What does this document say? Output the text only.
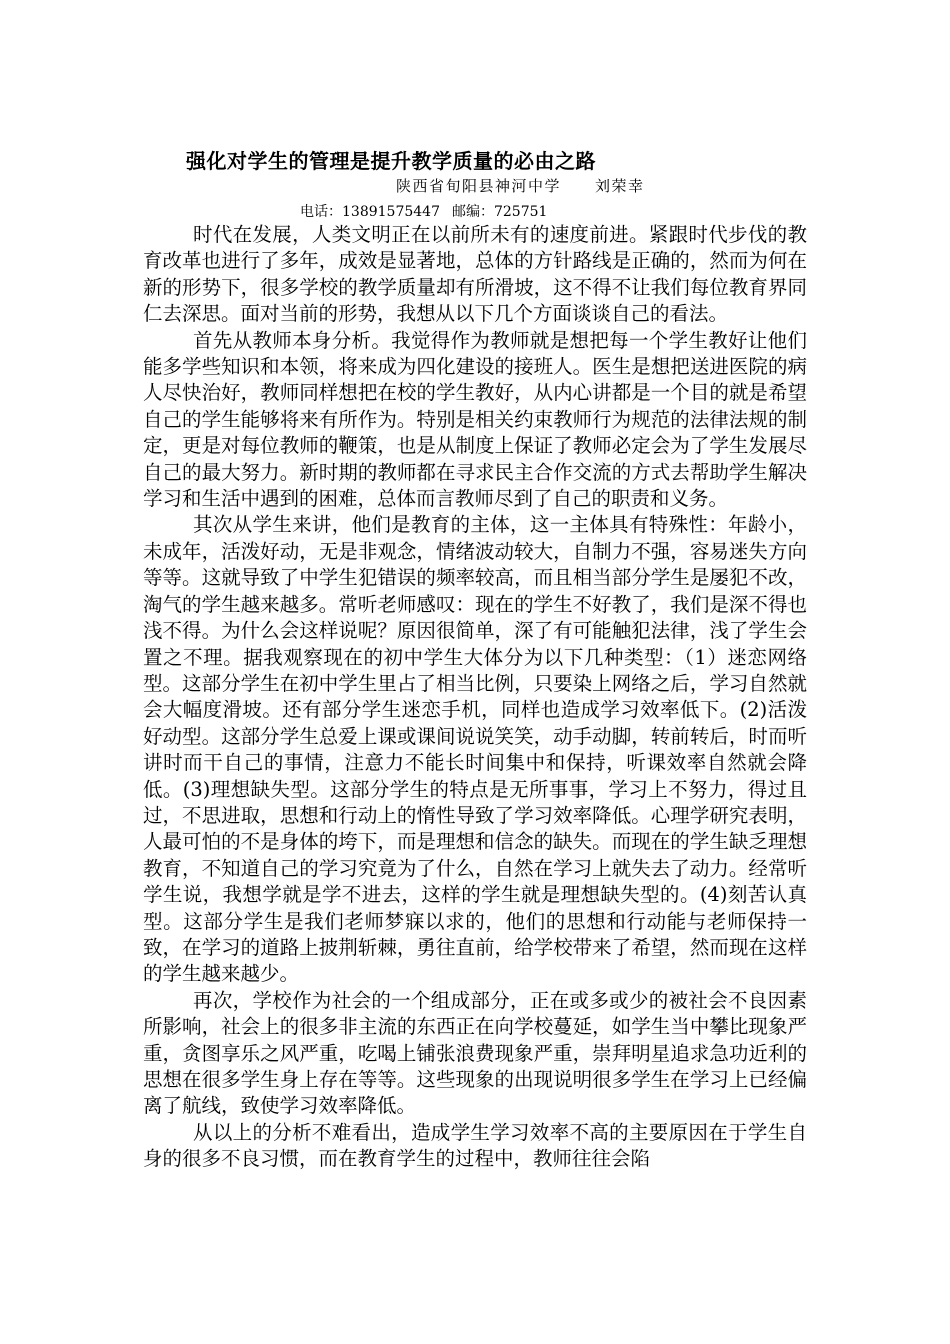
强化对学生的管理是提升教学质量的必由之路
陕西省旬阳县神河中学 刘荣幸
电话：13891575447 邮编：725751

时代在发展，人类文明正在以前所未有的速度前进。紧跟时代步伐的教育改革也进行了多年，成效是显著地，总体的方针路线是正确的，然而为何在新的形势下，很多学校的教学质量却有所滑坡，这不得不让我们每位教育界同仁去深思。面对当前的形势，我想从以下几个方面谈谈自己的看法。

首先从教师本身分析。我觉得作为教师就是想把每一个学生教好让他们能多学些知识和本领，将来成为四化建设的接班人。医生是想把送进医院的病人尽快治好，教师同样想把在校的学生教好，从内心讲都是一个目的就是希望自己的学生能够将来有所作为。特别是相关约束教师行为规范的法律法规的制定，更是对每位教师的鞭策，也是从制度上保证了教师必定会为了学生发展尽自己的最大努力。新时期的教师都在寻求民主合作交流的方式去帮助学生解决学习和生活中遇到的困难，总体而言教师尽到了自己的职责和义务。

其次从学生来讲，他们是教育的主体，这一主体具有特殊性：年龄小，未成年，活泼好动，无是非观念，情绪波动较大，自制力不强，容易迷失方向等等。这就导致了中学生犯错误的频率较高，而且相当部分学生是屡犯不改，淘气的学生越来越多。常听老师感叹：现在的学生不好教了，我们是深不得也浅不得。为什么会这样说呢？原因很简单，深了有可能触犯法律，浅了学生会置之不理。据我观察现在的初中学生大体分为以下几种类型：（1）迷恋网络型。这部分学生在初中学生里占了相当比例，只要染上网络之后，学习自然就会大幅度滑坡。还有部分学生迷恋手机，同样也造成学习效率低下。(2)活泼好动型。这部分学生总爱上课或课间说说笑笑，动手动脚，转前转后，时而听讲时而干自己的事情，注意力不能长时间集中和保持，听课效率自然就会降低。(3)理想缺失型。这部分学生的特点是无所事事，学习上不努力，得过且过，不思进取，思想和行动上的惰性导致了学习效率降低。心理学研究表明，人最可怕的不是身体的垮下，而是理想和信念的缺失。而现在的学生缺乏理想教育，不知道自己的学习究竟为了什么，自然在学习上就失去了动力。经常听学生说，我想学就是学不进去，这样的学生就是理想缺失型的。(4)刻苦认真型。这部分学生是我们老师梦寐以求的，他们的思想和行动能与老师保持一致，在学习的道路上披荆斩棘，勇往直前，给学校带来了希望，然而现在这样的学生越来越少。

再次，学校作为社会的一个组成部分，正在或多或少的被社会不良因素所影响，社会上的很多非主流的东西正在向学校蔓延，如学生当中攀比现象严重，贪图享乐之风严重，吃喝上铺张浪费现象严重，崇拜明星追求急功近利的思想在很多学生身上存在等等。这些现象的出现说明很多学生在学习上已经偏离了航线，致使学习效率降低。

从以上的分析不难看出，造成学生学习效率不高的主要原因在于学生自身的很多不良习惯，而在教育学生的过程中，教师往往会陷
